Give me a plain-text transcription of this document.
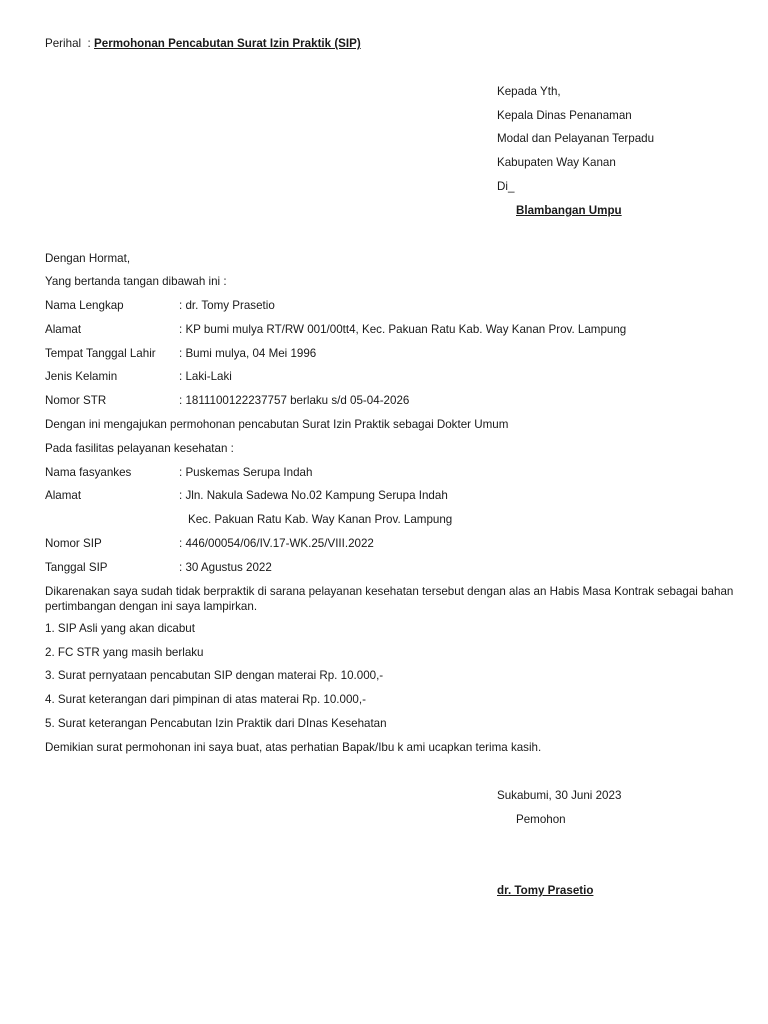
Perihal : Permohonan Pencabutan Surat Izin Praktik (SIP)
Kepada Yth,
Kepala Dinas Penanaman
Modal dan Pelayanan Terpadu
Kabupaten Way Kanan
Di_
Blambangan Umpu
Dengan Hormat,
Yang bertanda tangan dibawah ini :
Nama Lengkap	: dr. Tomy Prasetio
Alamat	: KP bumi mulya RT/RW 001/00tt4, Kec. Pakuan Ratu Kab. Way Kanan Prov. Lampung
Tempat Tanggal Lahir : Bumi mulya, 04 Mei 1996
Jenis Kelamin	: Laki-Laki
Nomor STR	: 1811100122237757 berlaku s/d 05-04-2026
Dengan ini mengajukan permohonan pencabutan Surat Izin Praktik sebagai Dokter Umum
Pada fasilitas pelayanan kesehatan :
Nama fasyankes	: Puskemas Serupa Indah
Alamat	: Jln. Nakula Sadewa No.02 Kampung Serupa Indah
Kec. Pakuan Ratu Kab. Way Kanan Prov. Lampung
Nomor SIP	: 446/00054/06/IV.17-WK.25/VIII.2022
Tanggal SIP	: 30 Agustus 2022
Dikarenakan saya sudah tidak berpraktik di sarana pelayanan kesehatan tersebut dengan alas an Habis Masa Kontrak sebagai bahan pertimbangan dengan ini saya lampirkan.
1. SIP Asli yang akan dicabut
2. FC STR yang masih berlaku
3. Surat pernyataan pencabutan SIP dengan materai Rp. 10.000,-
4. Surat keterangan dari pimpinan di atas materai Rp. 10.000,-
5. Surat keterangan Pencabutan Izin Praktik dari DInas Kesehatan
Demikian surat permohonan ini saya buat, atas perhatian Bapak/Ibu k ami ucapkan terima kasih.
Sukabumi, 30 Juni 2023
Pemohon
dr. Tomy Prasetio
